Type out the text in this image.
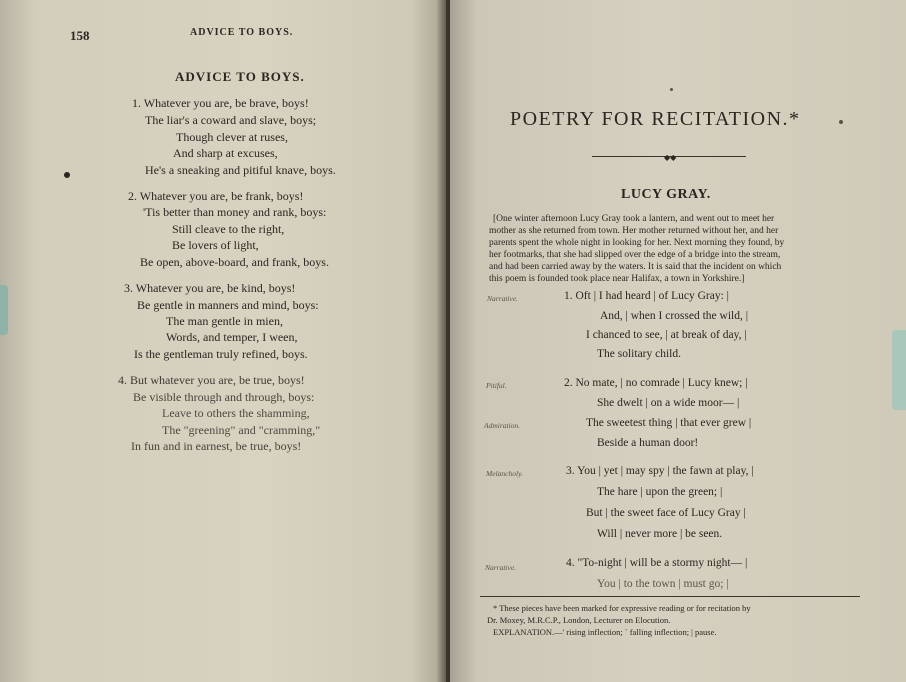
158	ADVICE TO BOYS.
ADVICE TO BOYS.
1. Whatever you are, be brave, boys!
The liar's a coward and slave, boys;
Though clever at ruses,
And sharp at excuses,
He's a sneaking and pitiful knave, boys.
2. Whatever you are, be frank, boys!
'Tis better than money and rank, boys:
Still cleave to the right,
Be lovers of light,
Be open, above-board, and frank, boys.
3. Whatever you are, be kind, boys!
Be gentle in manners and mind, boys:
The man gentle in mien,
Words, and temper, I ween,
Is the gentleman truly refined, boys.
4. But whatever you are, be true, boys!
Be visible through and through, boys:
Leave to others the shamming,
The "greening" and "cramming,"
In fun and in earnest, be true, boys!
POETRY FOR RECITATION.*
◆◆
LUCY GRAY.
[One winter afternoon Lucy Gray took a lantern, and went out to meet her
mother as she returned from town. Her mother returned without her, and her
parents spent the whole night in looking for her. Next morning they found, by
her footmarks, that she had slipped over the edge of a bridge into the stream,
and had been carried away by the waters. It is said that the incident on which
this poem is founded took place near Halifax, a town in Yorkshire.]
Narrative.	1. Oft | I had heard | of Lucy Gray: |
And, | when I crossed the wild, |
I chanced to see, | at break of day, |
The solitary child.
Pitiful.	2. No mate, | no comrade | Lucy knew; |
She dwelt | on a wide moor— |
Admiration.	The sweetest thing | that ever grew |
Beside a human door!
Melancholy.	3. You | yet | may spy | the fawn at play, |
The hare | upon the green; |
But | the sweet face of Lucy Gray |
Will | never more | be seen.
Narrative.	4. "To-night | will be a stormy night— |
You | to the town | must go; |
* These pieces have been marked for expressive reading or for recitation by
Dr. Moxey, M.R.C.P., London, Lecturer on Elocution.
EXPLANATION.—' rising inflection; ` falling inflection; | pause.
